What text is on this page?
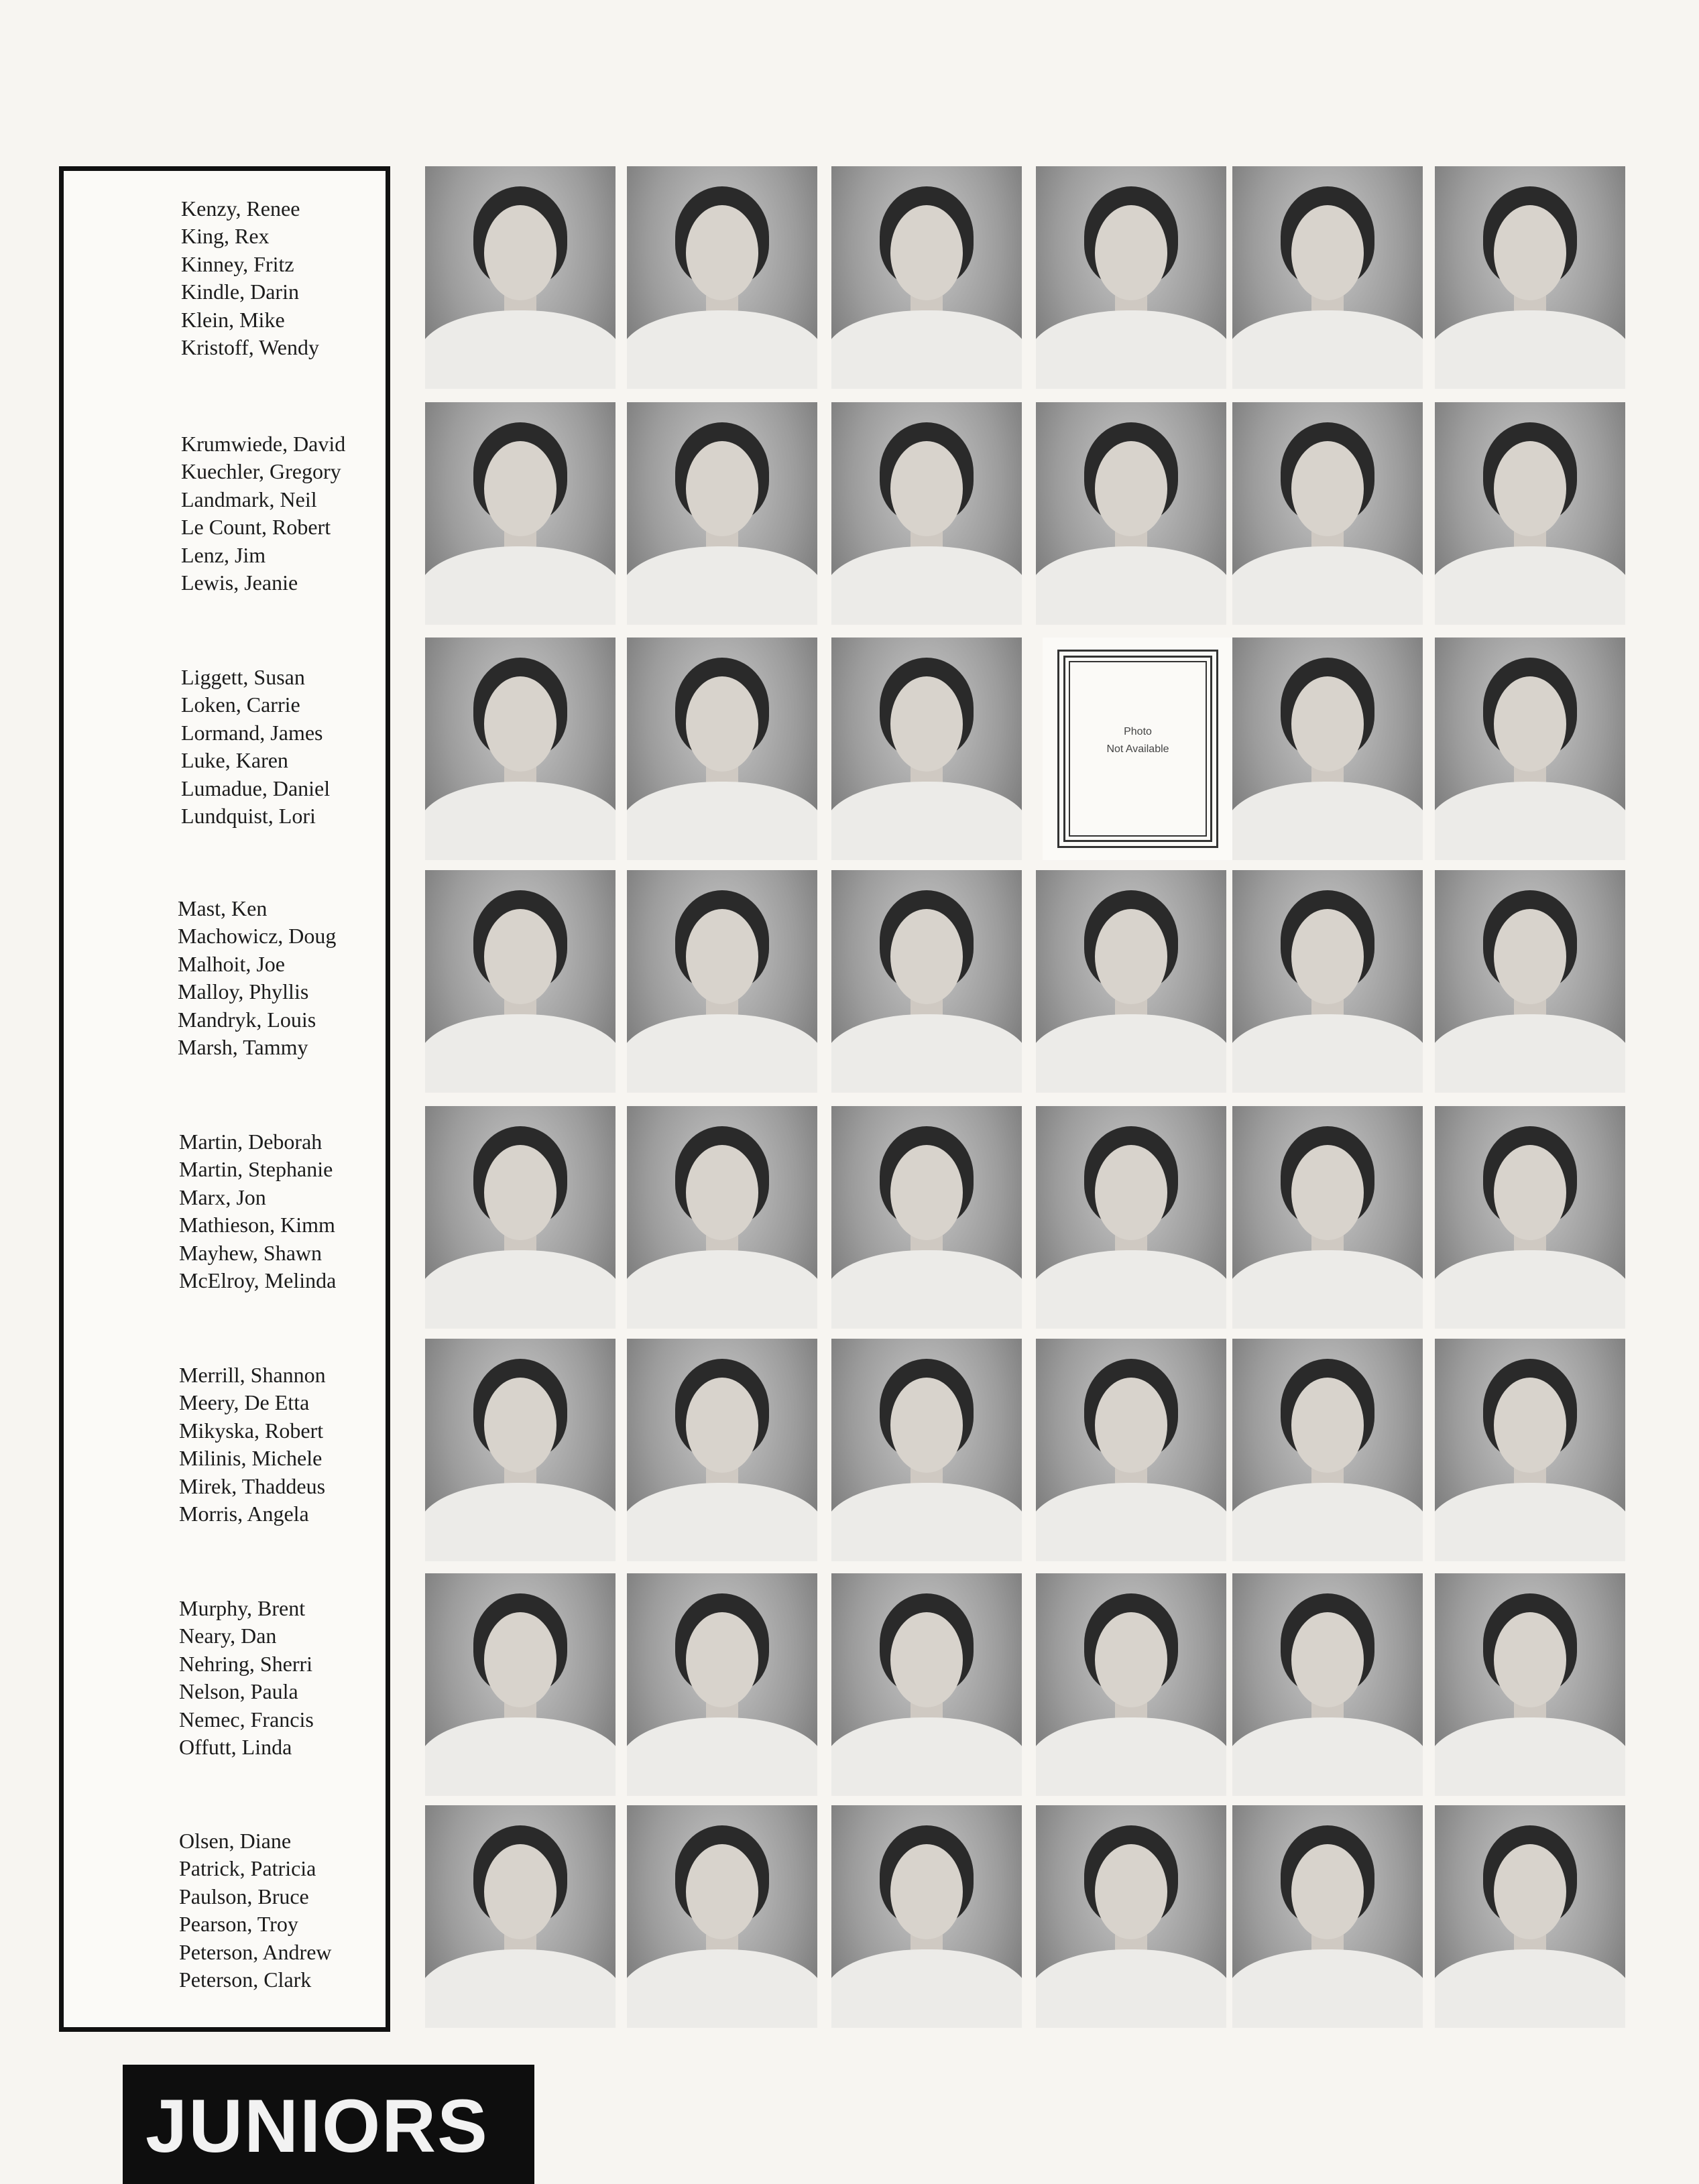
Kenzy, Renee
King, Rex
Kinney, Fritz
Kindle, Darin
Klein, Mike
Kristoff, Wendy
Krumwiede, David
Kuechler, Gregory
Landmark, Neil
Le Count, Robert
Lenz, Jim
Lewis, Jeanie
Liggett, Susan
Loken, Carrie
Lormand, James
Luke, Karen
Lumadue, Daniel
Lundquist, Lori
Mast, Ken
Machowicz, Doug
Malhoit, Joe
Malloy, Phyllis
Mandryk, Louis
Marsh, Tammy
Martin, Deborah
Martin, Stephanie
Marx, Jon
Mathieson, Kimm
Mayhew, Shawn
McElroy, Melinda
Merrill, Shannon
Meery, De Etta
Mikyska, Robert
Milinis, Michele
Mirek, Thaddeus
Morris, Angela
Murphy, Brent
Neary, Dan
Nehring, Sherri
Nelson, Paula
Nemec, Francis
Offutt, Linda
Olsen, Diane
Patrick, Patricia
Paulson, Bruce
Pearson, Troy
Peterson, Andrew
Peterson, Clark
Photo
Not Available
JUNIORS
